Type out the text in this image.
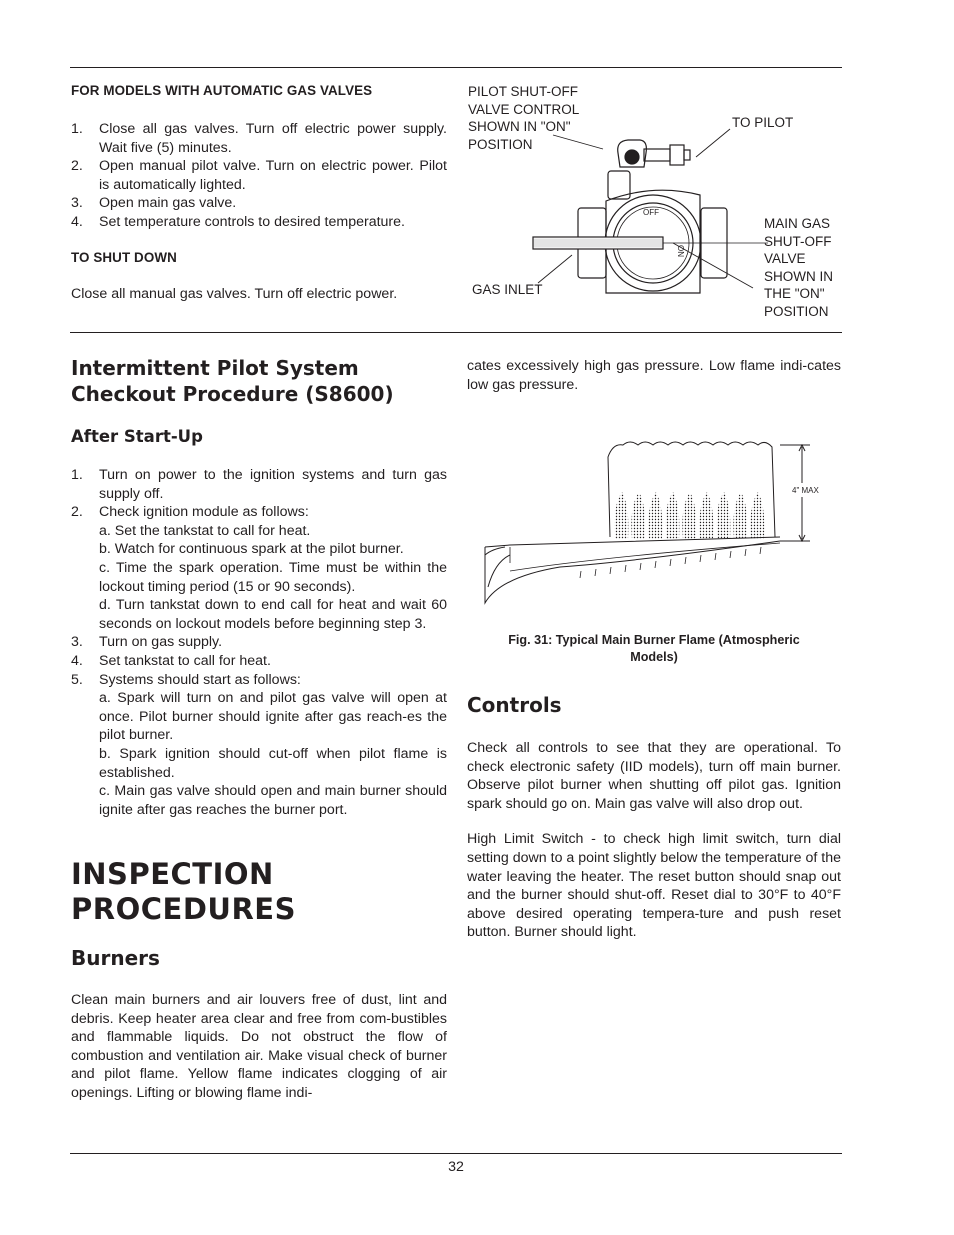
FOR MODELS WITH AUTOMATIC GAS VALVES
1. Close all gas valves. Turn off electric power supply. Wait five (5) minutes.
2. Open manual pilot valve. Turn on electric power. Pilot is automatically lighted.
3. Open main gas valve.
4. Set temperature controls to desired temperature.
TO SHUT DOWN
Close all manual gas valves. Turn off electric power.
OFF
ON
PILOT SHUT-OFF
VALVE CONTROL
SHOWN IN "ON"
POSITION
TO PILOT
MAIN GAS
SHUT-OFF
VALVE
SHOWN IN
THE "ON"
POSITION
GAS INLET
Intermittent Pilot System
Checkout Procedure (S8600)
After Start-Up
1. Turn on power to the ignition systems and turn gas supply off.
2. Check ignition module as follows:
a. Set the tankstat to call for heat.
b. Watch for continuous spark at the pilot burner.
c. Time the spark operation. Time must be within the lockout timing period (15 or 90 seconds).
d. Turn tankstat down to end call for heat and wait 60 seconds on lockout models before beginning step 3.
3. Turn on gas supply.
4. Set tankstat to call for heat.
5. Systems should start as follows:
a. Spark will turn on and pilot gas valve will open at once. Pilot burner should ignite after gas reach-es the pilot burner.
b. Spark ignition should cut-off when pilot flame is established.
c. Main gas valve should open and main burner should ignite after gas reaches the burner port.
INSPECTION
PROCEDURES
Burners
Clean main burners and air louvers free of dust, lint and debris. Keep heater area clear and free from com-bustibles and flammable liquids. Do not obstruct the flow of combustion and ventilation air. Make visual check of burner and pilot flame. Yellow flame indicates clogging of air openings. Lifting or blowing flame indi-
cates excessively high gas pressure. Low flame indi-cates low gas pressure.
4" MAX
Fig. 31: Typical Main Burner Flame (Atmospheric
Models)
Controls
Check all controls to see that they are operational. To check electronic safety (IID models), turn off main burner. Observe pilot burner when shutting off pilot gas. Ignition spark should go on. Main gas valve will also drop out.
High Limit Switch - to check high limit switch, turn dial setting down to a point slightly below the temperature of the water leaving the heater. The reset button should snap out and the burner should shut-off. Reset dial to 30°F to 40°F above desired operating tempera-ture and push reset button. Burner should light.
32
